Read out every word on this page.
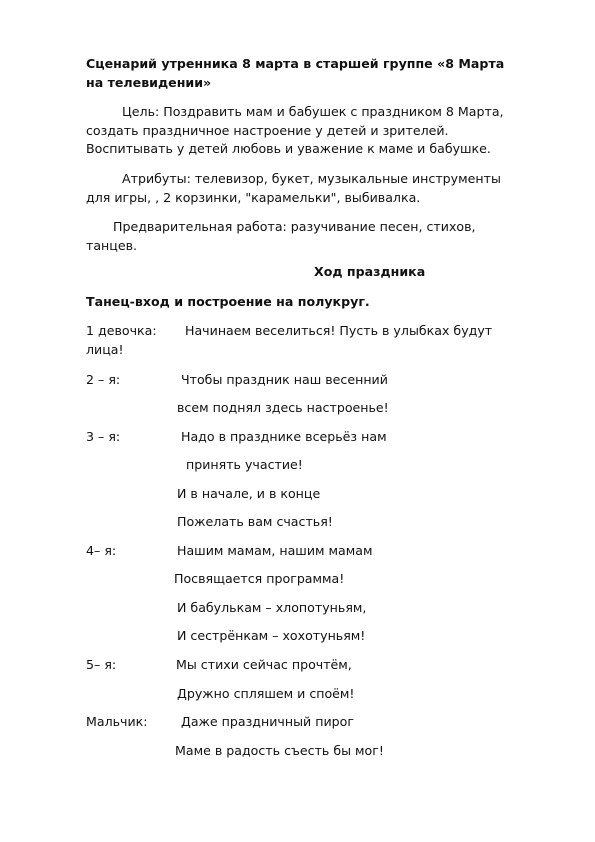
Сценарий утренника 8 марта в старшей группе «8 Марта
на телевидении»
Цель: Поздравить мам и бабушек с праздником 8 Марта,
создать праздничное настроение у детей и зрителей.
Воспитывать у детей любовь и уважение к маме и бабушке.
Атрибуты: телевизор, букет, музыкальные инструменты
для игры, , 2 корзинки, "карамельки", выбивалка.
Предварительная работа: разучивание песен, стихов,
танцев.
Ход праздника
Танец-вход и построение на полукруг.
1 девочка: Начинаем веселиться! Пусть в улыбках будут
лица!
2 – я:	Чтобы праздник наш весенний
всем поднял здесь настроенье!
3 – я:	Надо в празднике всерьёз нам
принять участие!
И в начале, и в конце
Пожелать вам счастья!
4– я:	Нашим мамам, нашим мамам
Посвящается программа!
И бабулькам – хлопотуньям,
И сестрёнкам – хохотуньям!
5– я:	Мы стихи сейчас прочтём,
Дружно спляшем и споём!
Мальчик:	Даже праздничный пирог
Маме в радость съесть бы мог!
